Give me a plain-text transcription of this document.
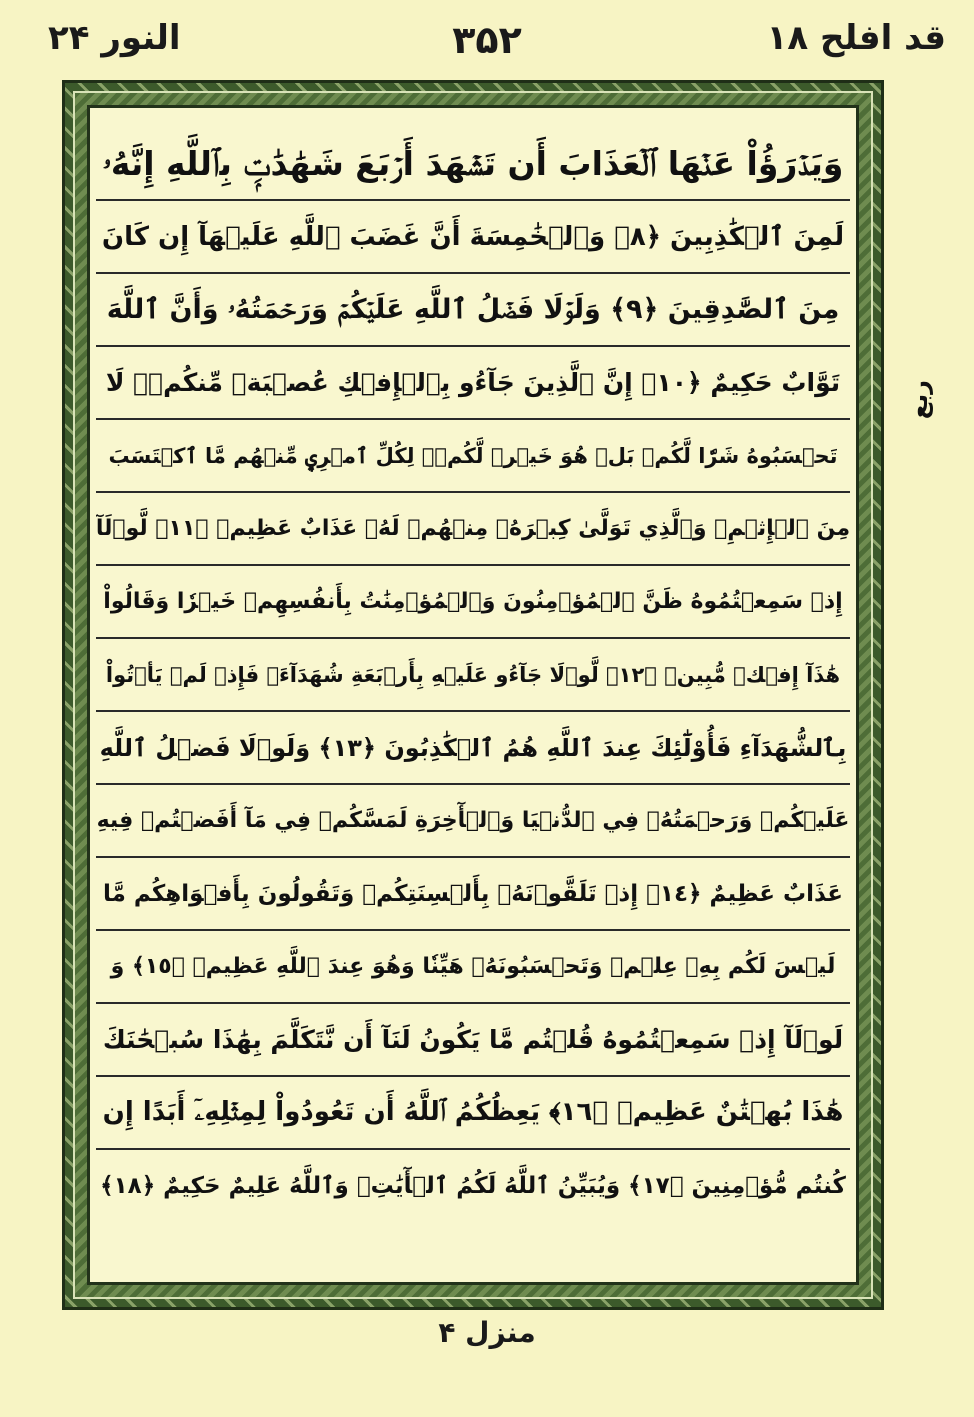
قد افلح ۱۸
۳۵۲
النور ۲۴
وَيَدۡرَؤُاْ عَنۡهَا ٱلۡعَذَابَ أَن تَشۡهَدَ أَرۡبَعَ شَهَٰدَٰتِۭ بِٱللَّهِ إِنَّهُۥ
لَمِنَ ٱلۡكَٰذِبِينَ ﴿٨﴾ وَٱلۡخَٰمِسَةَ أَنَّ غَضَبَ ٱللَّهِ عَلَيۡهَآ إِن كَانَ
مِنَ ٱلصَّٰدِقِينَ ﴿٩﴾ وَلَوۡلَا فَضۡلُ ٱللَّهِ عَلَيۡكُمۡ وَرَحۡمَتُهُۥ وَأَنَّ ٱللَّهَ
تَوَّابٌ حَكِيمٌ ﴿١٠﴾ إِنَّ ٱلَّذِينَ جَآءُو بِٱلۡإِفۡكِ عُصۡبَةٞ مِّنكُمۡۚ لَا
تَحۡسَبُوهُ شَرّٗا لَّكُمۖ بَلۡ هُوَ خَيۡرٞ لَّكُمۡۚ لِكُلِّ ٱمۡرِيٕٖ مِّنۡهُم مَّا ٱكۡتَسَبَ
مِنَ ٱلۡإِثۡمِۚ وَٱلَّذِي تَوَلَّىٰ كِبۡرَهُۥ مِنۡهُمۡ لَهُۥ عَذَابٌ عَظِيمٞ ﴿١١﴾ لَّوۡلَآ
إِذۡ سَمِعۡتُمُوهُ ظَنَّ ٱلۡمُؤۡمِنُونَ وَٱلۡمُؤۡمِنَٰتُ بِأَنفُسِهِمۡ خَيۡرٗا وَقَالُواْ
هَٰذَآ إِفۡكٞ مُّبِينٞ ﴿١٢﴾ لَّوۡلَا جَآءُو عَلَيۡهِ بِأَرۡبَعَةِ شُهَدَآءَۚ فَإِذۡ لَمۡ يَأۡتُواْ
بِٱلشُّهَدَآءِ فَأُوْلَٰٓئِكَ عِندَ ٱللَّهِ هُمُ ٱلۡكَٰذِبُونَ ﴿١٣﴾ وَلَوۡلَا فَضۡلُ ٱللَّهِ
عَلَيۡكُمۡ وَرَحۡمَتُهُۥ فِي ٱلدُّنۡيَا وَٱلۡأٓخِرَةِ لَمَسَّكُمۡ فِي مَآ أَفَضۡتُمۡ فِيهِ
عَذَابٌ عَظِيمٌ ﴿١٤﴾ إِذۡ تَلَقَّوۡنَهُۥ بِأَلۡسِنَتِكُمۡ وَتَقُولُونَ بِأَفۡوَاهِكُم مَّا
لَيۡسَ لَكُم بِهِۦ عِلۡمٞ وَتَحۡسَبُونَهُۥ هَيِّنٗا وَهُوَ عِندَ ٱللَّهِ عَظِيمٞ ﴿١٥﴾ وَ
لَوۡلَآ إِذۡ سَمِعۡتُمُوهُ قُلۡتُم مَّا يَكُونُ لَنَآ أَن نَّتَكَلَّمَ بِهَٰذَا سُبۡحَٰنَكَ
هَٰذَا بُهۡتَٰنٌ عَظِيمٞ ﴿١٦﴾ يَعِظُكُمُ ٱللَّهُ أَن تَعُودُواْ لِمِثۡلِهِۦٓ أَبَدًا إِن
كُنتُم مُّؤۡمِنِينَ ﴿١٧﴾ وَيُبَيِّنُ ٱللَّهُ لَكُمُ ٱلۡأٓيَٰتِۚ وَٱللَّهُ عَلِيمٌ حَكِيمٌ ﴿١٨﴾
ربع
منزل ۴
